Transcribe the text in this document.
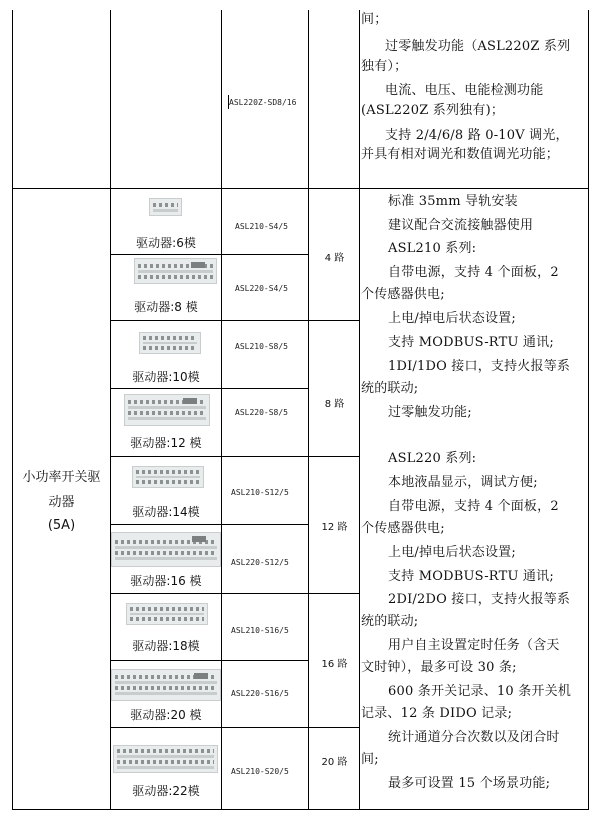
ASL220Z-SD8/16
间；
过零触发功能（ASL220Z 系列
独有）；
电流、电压、电能检测功能
(ASL220Z 系列独有)；
支持 2/4/6/8 路 0-10V 调光，
并具有相对调光和数值调光功能；
小功率开关驱
动器
(5A)
驱动器:6模
驱动器:8 模
驱动器:10模
驱动器:12 模
驱动器:14模
驱动器:16 模
驱动器:18模
驱动器:20 模
驱动器:22模
ASL210-S4/5
ASL220-S4/5
ASL210-S8/5
ASL220-S8/5
ASL210-S12/5
ASL220-S12/5
ASL210-S16/5
ASL220-S16/5
ASL210-S20/5
4 路
8 路
12 路
16 路
20 路
标准 35mm 导轨安装
建议配合交流接触器使用
ASL210 系列:
自带电源，支持 4 个面板，2
个传感器供电;
上电/掉电后状态设置;
支持 MODBUS-RTU 通讯;
1DI/1DO 接口，支持火报等系
统的联动;
过零触发功能;
ASL220 系列:
本地液晶显示，调试方便;
自带电源，支持 4 个面板，2
个传感器供电;
上电/掉电后状态设置;
支持 MODBUS-RTU 通讯;
2DI/2DO 接口，支持火报等系
统的联动;
用户自主设置定时任务（含天
文时钟），最多可设 30 条;
600 条开关记录、10 条开关机
记录、12 条 DIDO 记录;
统计通道分合次数以及闭合时
间;
最多可设置 15 个场景功能;
